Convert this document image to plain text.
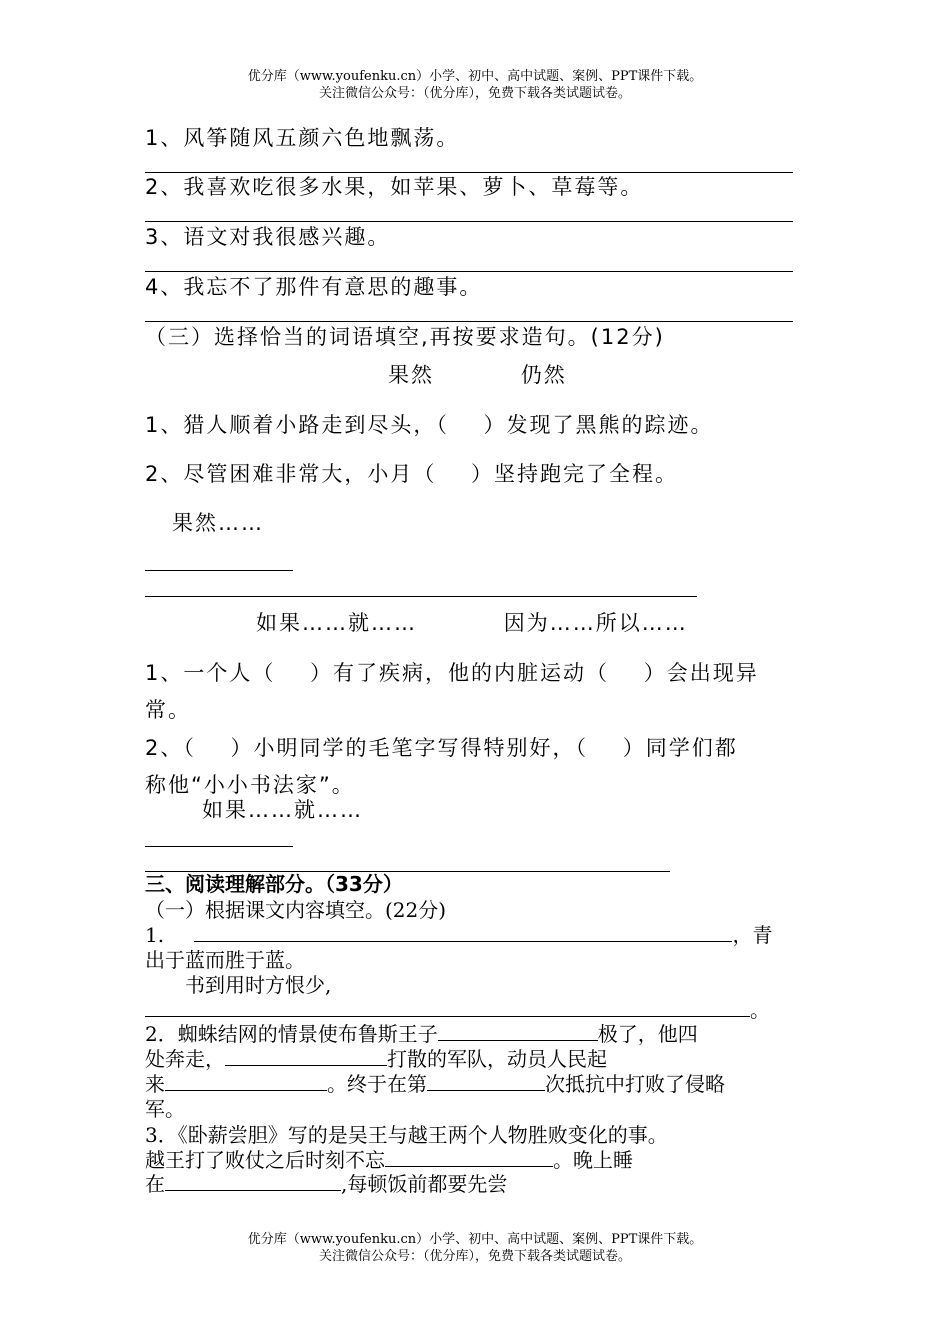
优分库（www.youfenku.cn）小学、初中、高中试题、案例、PPT课件下载。
关注微信公众号：（优分库），免费下载各类试题试卷。
1、风筝随风五颜六色地飘荡。
2、我喜欢吃很多水果，如苹果、萝卜、草莓等。
3、语文对我很感兴趣。
4、我忘不了那件有意思的趣事。
（三）选择恰当的词语填空,再按要求造句。(12分)
果然          仍然
1、猎人顺着小路走到尽头，（    ）发现了黑熊的踪迹。
2、尽管困难非常大，小月（    ）坚持跑完了全程。
果然……
如果……就……          因为……所以……
1、一个人（    ）有了疾病，他的内脏运动（    ）会出现异
常。
2、（    ）小明同学的毛笔字写得特别好，（    ）同学们都
称他“小小书法家”。
如果……就……
三、阅读理解部分。（33分）
（一）根据课文内容填空。(22分)
1.	，青
出于蓝而胜于蓝。
书到用时方恨少,
。
2．蜘蛛结网的情景使布鲁斯王子	极了，他四
处奔走，	打散的军队，动员人民起
来	。终于在第	次抵抗中打败了侵略
军。
3．《卧薪尝胆》写的是吴王与越王两个人物胜败变化的事。
越王打了败仗之后时刻不忘	。晚上睡
在	,每顿饭前都要先尝
优分库（www.youfenku.cn）小学、初中、高中试题、案例、PPT课件下载。
关注微信公众号：（优分库），免费下载各类试题试卷。
